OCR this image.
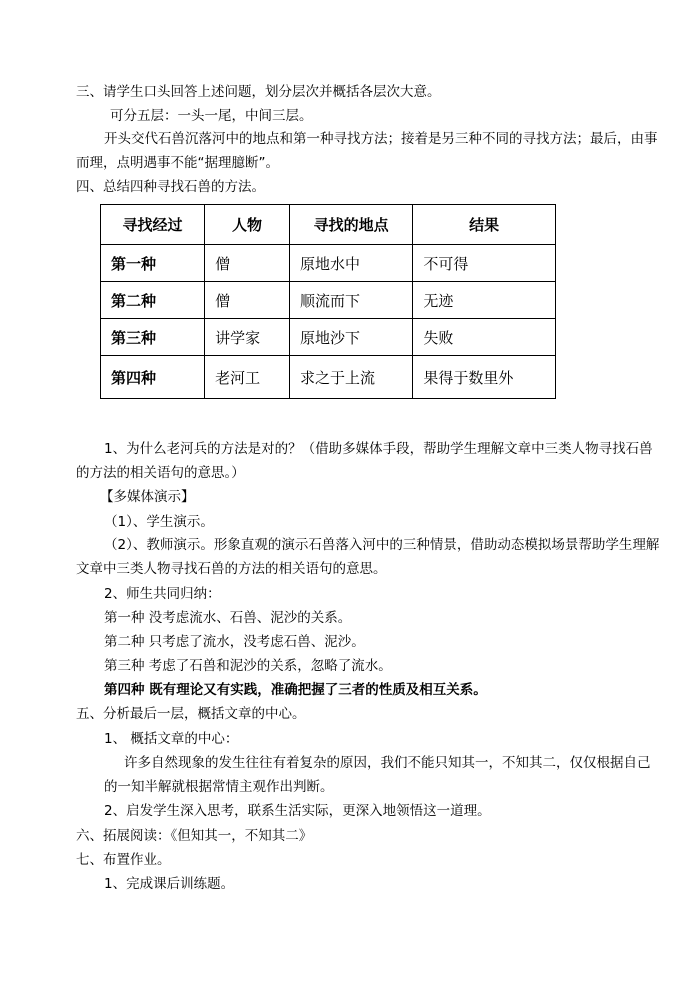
三、请学生口头回答上述问题，划分层次并概括各层次大意。
可分五层：一头一尾，中间三层。
开头交代石兽沉落河中的地点和第一种寻找方法；接着是另三种不同的寻找方法；最后，由事
而理，点明遇事不能“据理臆断”。
四、总结四种寻找石兽的方法。
寻找经过	人物	寻找的地点	结果
第一种	僧	原地水中	不可得
第二种	僧	顺流而下	无迹
第三种	讲学家	原地沙下	失败
第四种	老河工	求之于上流	果得于数里外
1、为什么老河兵的方法是对的？（借助多媒体手段，帮助学生理解文章中三类人物寻找石兽
的方法的相关语句的意思。）
【多媒体演示】
（1）、学生演示。
（2）、教师演示。形象直观的演示石兽落入河中的三种情景，借助动态模拟场景帮助学生理解
文章中三类人物寻找石兽的方法的相关语句的意思。
2、师生共同归纳：
第一种 没考虑流水、石兽、泥沙的关系。
第二种 只考虑了流水，没考虑石兽、泥沙。
第三种 考虑了石兽和泥沙的关系，忽略了流水。
第四种 既有理论又有实践，准确把握了三者的性质及相互关系。
五、分析最后一层，概括文章的中心。
1、 概括文章的中心：
许多自然现象的发生往往有着复杂的原因，我们不能只知其一，不知其二，仅仅根据自己
的一知半解就根据常情主观作出判断。
2、启发学生深入思考，联系生活实际，更深入地领悟这一道理。
六、拓展阅读：《但知其一，不知其二》
七、布置作业。
1、完成课后训练题。
